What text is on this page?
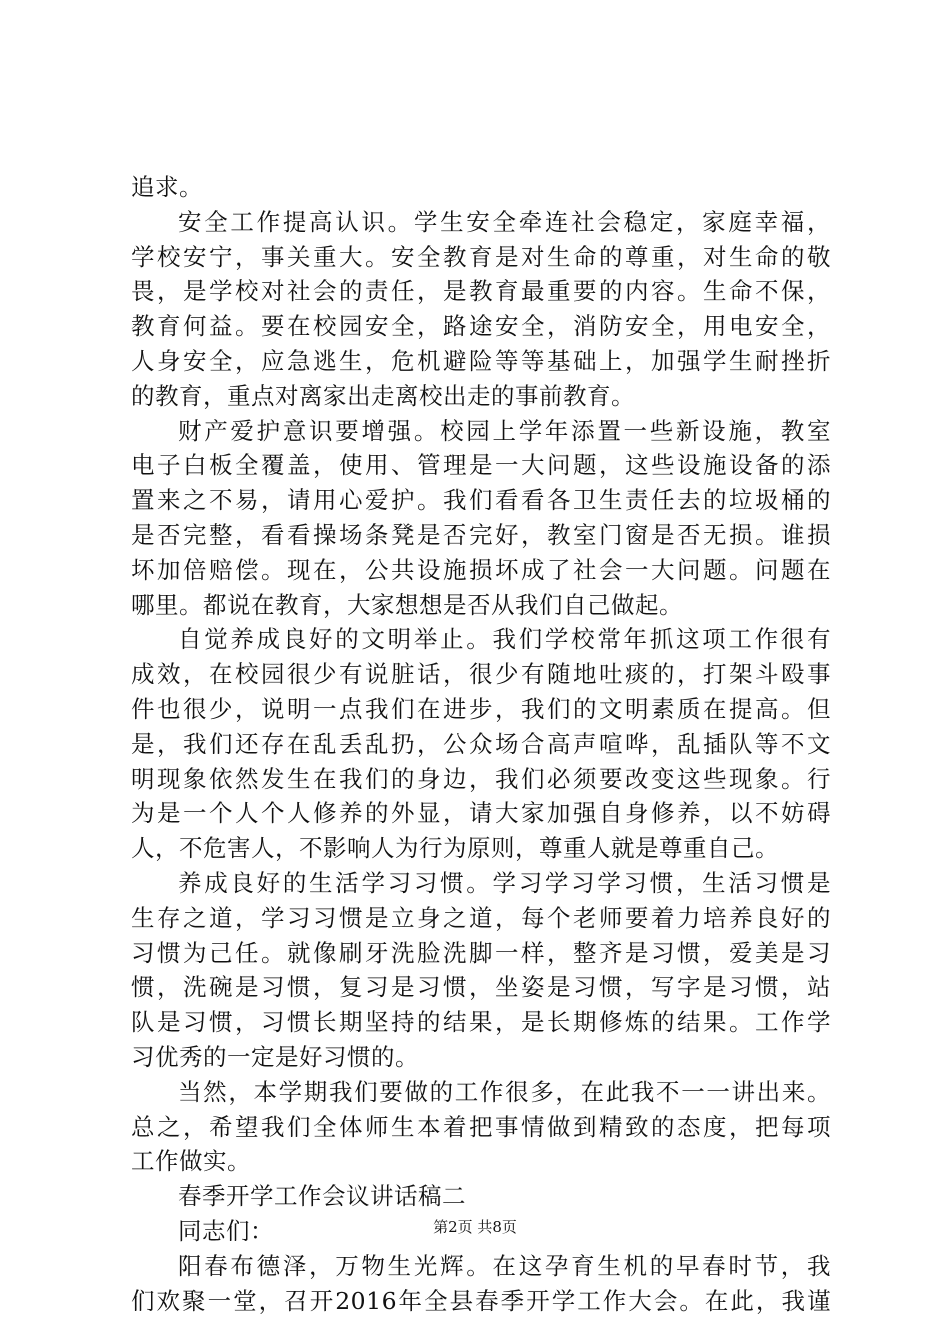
追求。
安全工作提高认识。学生安全牵连社会稳定，家庭幸福，
学校安宁，事关重大。安全教育是对生命的尊重，对生命的敬
畏，是学校对社会的责任，是教育最重要的内容。生命不保，
教育何益。要在校园安全，路途安全，消防安全，用电安全，
人身安全，应急逃生，危机避险等等基础上，加强学生耐挫折
的教育，重点对离家出走离校出走的事前教育。
财产爱护意识要增强。校园上学年添置一些新设施，教室
电子白板全覆盖，使用、管理是一大问题，这些设施设备的添
置来之不易，请用心爱护。我们看看各卫生责任去的垃圾桶的
是否完整，看看操场条凳是否完好，教室门窗是否无损。谁损
坏加倍赔偿。现在，公共设施损坏成了社会一大问题。问题在
哪里。都说在教育，大家想想是否从我们自己做起。
自觉养成良好的文明举止。我们学校常年抓这项工作很有
成效，在校园很少有说脏话，很少有随地吐痰的，打架斗殴事
件也很少，说明一点我们在进步，我们的文明素质在提高。但
是，我们还存在乱丢乱扔，公众场合高声喧哗，乱插队等不文
明现象依然发生在我们的身边，我们必须要改变这些现象。行
为是一个人个人修养的外显，请大家加强自身修养，以不妨碍
人，不危害人，不影响人为行为原则，尊重人就是尊重自己。
养成良好的生活学习习惯。学习学习学习惯，生活习惯是
生存之道，学习习惯是立身之道，每个老师要着力培养良好的
习惯为己任。就像刷牙洗脸洗脚一样，整齐是习惯，爱美是习
惯，洗碗是习惯，复习是习惯，坐姿是习惯，写字是习惯，站
队是习惯，习惯长期坚持的结果，是长期修炼的结果。工作学
习优秀的一定是好习惯的。
当然，本学期我们要做的工作很多，在此我不一一讲出来。
总之，希望我们全体师生本着把事情做到精致的态度，把每项
工作做实。
春季开学工作会议讲话稿二
同志们：
阳春布德泽，万物生光辉。在这孕育生机的早春时节，我
们欢聚一堂，召开2016年全县春季开学工作大会。在此，我谨
第2页 共8页
